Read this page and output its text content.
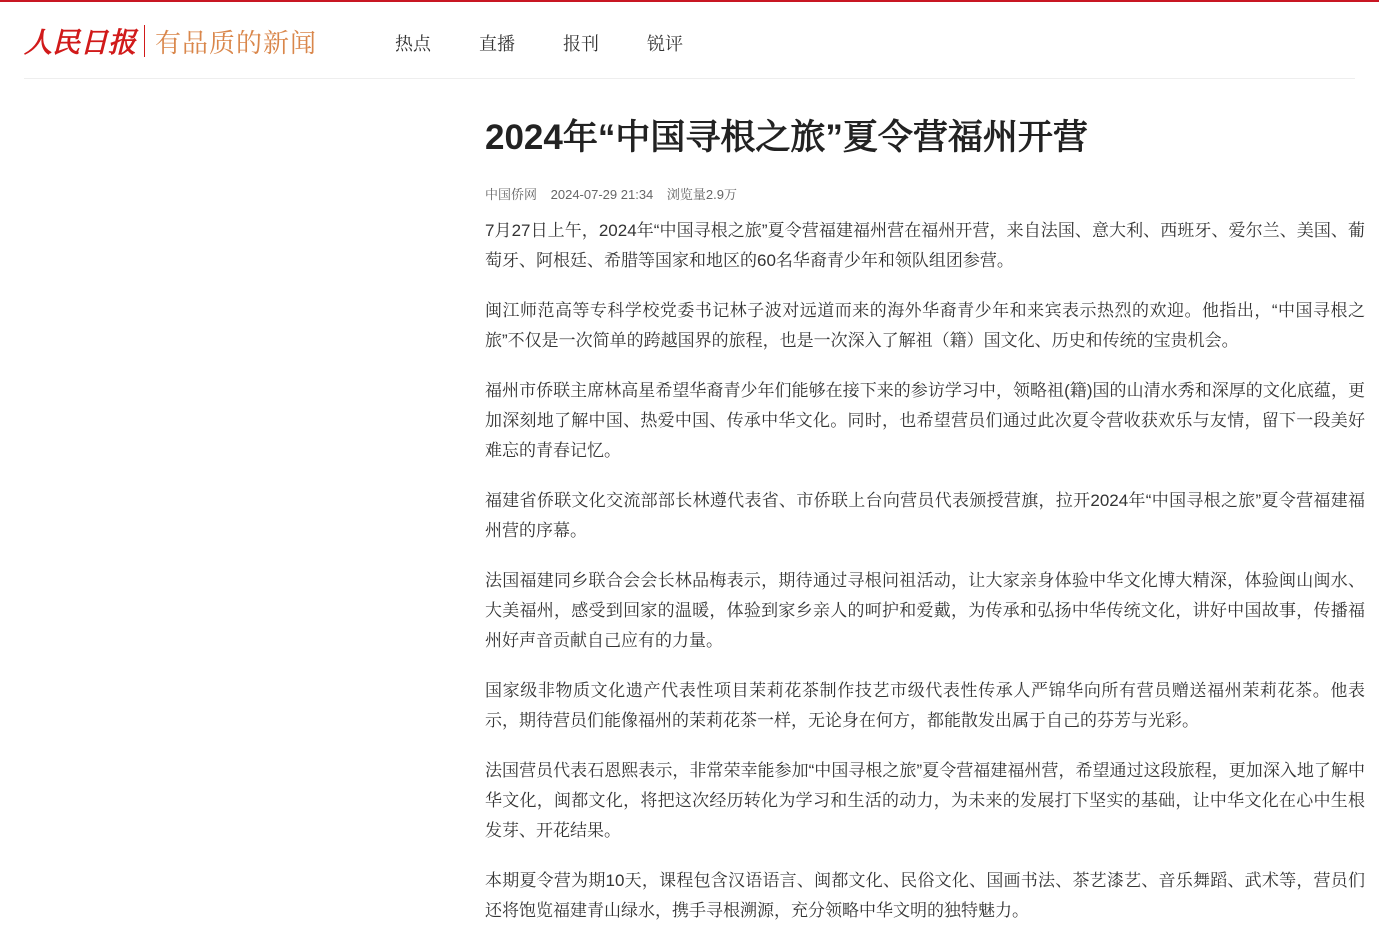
人民日报 有品质的新闻	热点	直播	报刊	锐评
2024年“中国寻根之旅”夏令营福州开营
中国侨网 2024-07-29 21:34 浏览量2.9万

7月27日上午，2024年“中国寻根之旅”夏令营福建福州营在福州开营，来自法国、意大利、西班牙、爱尔兰、美国、葡萄牙、阿根廷、希腊等国家和地区的60名华裔青少年和领队组团参营。

闽江师范高等专科学校党委书记林子波对远道而来的海外华裔青少年和来宾表示热烈的欢迎。他指出，“中国寻根之旅”不仅是一次简单的跨越国界的旅程，也是一次深入了解祖（籍）国文化、历史和传统的宝贵机会。

福州市侨联主席林高星希望华裔青少年们能够在接下来的参访学习中，领略祖(籍)国的山清水秀和深厚的文化底蕴，更加深刻地了解中国、热爱中国、传承中华文化。同时，也希望营员们通过此次夏令营收获欢乐与友情，留下一段美好难忘的青春记忆。

福建省侨联文化交流部部长林遵代表省、市侨联上台向营员代表颁授营旗，拉开2024年“中国寻根之旅”夏令营福建福州营的序幕。

法国福建同乡联合会会长林品梅表示，期待通过寻根问祖活动，让大家亲身体验中华文化博大精深，体验闽山闽水、大美福州，感受到回家的温暖，体验到家乡亲人的呵护和爱戴，为传承和弘扬中华传统文化，讲好中国故事，传播福州好声音贡献自己应有的力量。

国家级非物质文化遗产代表性项目茉莉花茶制作技艺市级代表性传承人严锦华向所有营员赠送福州茉莉花茶。他表示，期待营员们能像福州的茉莉花茶一样，无论身在何方，都能散发出属于自己的芬芳与光彩。

法国营员代表石恩熙表示，非常荣幸能参加“中国寻根之旅”夏令营福建福州营，希望通过这段旅程，更加深入地了解中华文化，闽都文化，将把这次经历转化为学习和生活的动力，为未来的发展打下坚实的基础，让中华文化在心中生根发芽、开花结果。

本期夏令营为期10天，课程包含汉语语言、闽都文化、民俗文化、国画书法、茶艺漆艺、音乐舞蹈、武术等，营员们还将饱览福建青山绿水，携手寻根溯源，充分领略中华文明的独特魅力。
